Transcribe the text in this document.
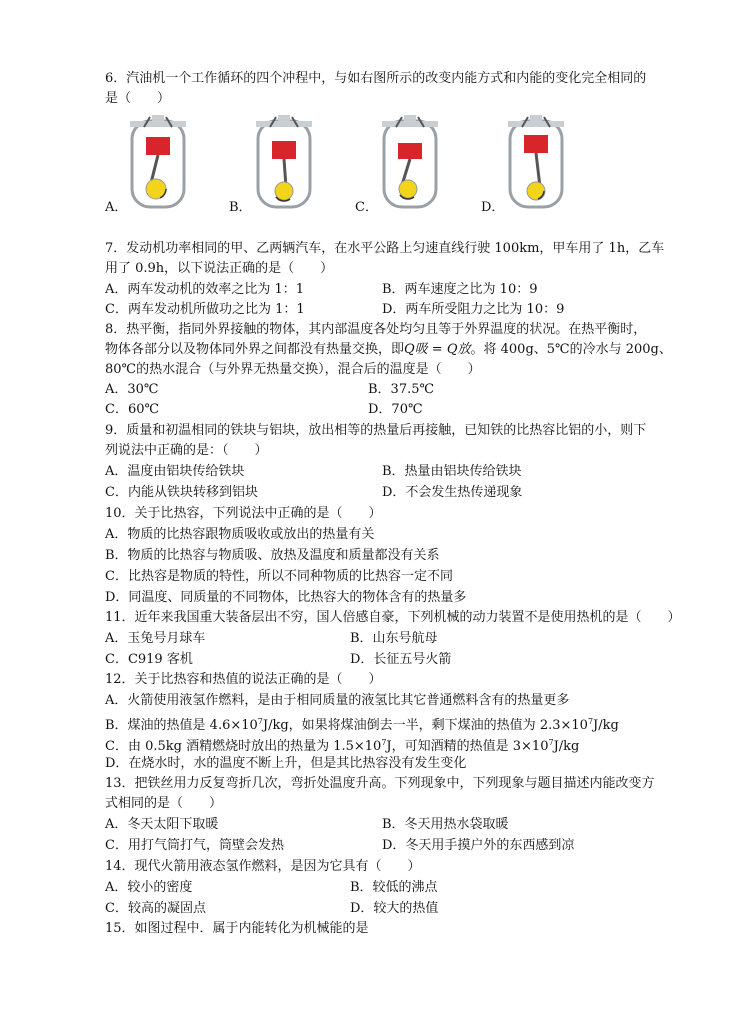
6．汽油机一个工作循环的四个冲程中，与如右图所示的改变内能方式和内能的变化完全相同的
是（　　）
A．	B．	C．	D．
7．发动机功率相同的甲、乙两辆汽车，在水平公路上匀速直线行驶 100km，甲车用了 1h，乙车
用了 0.9h，以下说法正确的是（　　）
A．两车发动机的效率之比为 1：1	B．两车速度之比为 10：9
C．两车发动机所做功之比为 1：1	D．两车所受阻力之比为 10：9
8．热平衡，指同外界接触的物体，其内部温度各处均匀且等于外界温度的状况。在热平衡时，
物体各部分以及物体同外界之间都没有热量交换，即Q吸 = Q放。将 400g、5℃的冷水与 200g、
80℃的热水混合（与外界无热量交换），混合后的温度是（　　）
A．30℃	B．37.5℃
C．60℃	D．70℃
9．质量和初温相同的铁块与铝块，放出相等的热量后再接触，已知铁的比热容比铝的小，则下
列说法中正确的是：（　　）
A．温度由铝块传给铁块	B．热量由铝块传给铁块
C．内能从铁块转移到铝块	D．不会发生热传递现象
10．关于比热容，下列说法中正确的是（　　）
A．物质的比热容跟物质吸收或放出的热量有关
B．物质的比热容与物质吸、放热及温度和质量都没有关系
C．比热容是物质的特性，所以不同种物质的比热容一定不同
D．同温度、同质量的不同物体，比热容大的物体含有的热量多
11．近年来我国重大装备层出不穷，国人倍感自豪，下列机械的动力装置不是使用热机的是（　　）
A．玉兔号月球车	B．山东号航母
C．C919 客机	D．长征五号火箭
12．关于比热容和热值的说法正确的是（　　）
A．火箭使用液氢作燃料，是由于相同质量的液氢比其它普通燃料含有的热量更多
B．煤油的热值是 $4.6\times 10^7J/kg$，如果将煤油倒去一半，剩下煤油的热值为 $2.3\times 10^7J/kg$
C．由 0.5kg 酒精燃烧时放出的热量为 $1.5\times 10^7J$，可知酒精的热值是 $3\times 10^7J/kg$
D．在烧水时，水的温度不断上升，但是其比热容没有发生变化
13．把铁丝用力反复弯折几次，弯折处温度升高。下列现象中，下列现象与题目描述内能改变方
式相同的是（　　）
A．冬天太阳下取暖	B．冬天用热水袋取暖
C．用打气筒打气，筒壁会发热	D．冬天用手摸户外的东西感到凉
14．现代火箭用液态氢作燃料，是因为它具有（　　）
A．较小的密度	B．较低的沸点
C．较高的凝固点	D．较大的热值
15．如图过程中．属于内能转化为机械能的是
